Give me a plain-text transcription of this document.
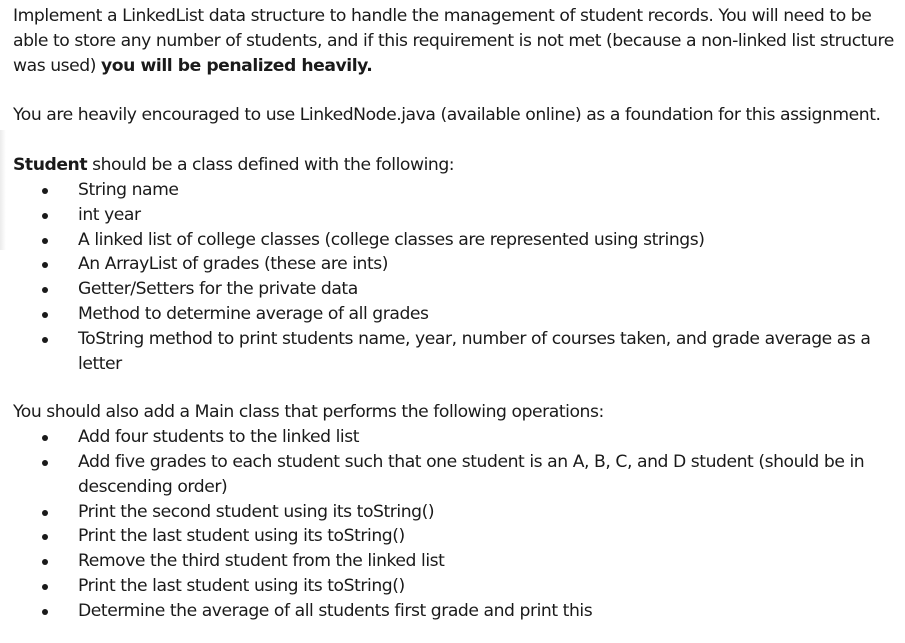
Implement a LinkedList data structure to handle the management of student records. You will need to be able to store any number of students, and if this requirement is not met (because a non-linked list structure was used) you will be penalized heavily.

You are heavily encouraged to use LinkedNode.java (available online) as a foundation for this assignment.

Student should be a class defined with the following:

String name
int year
A linked list of college classes (college classes are represented using strings)
An ArrayList of grades (these are ints)
Getter/Setters for the private data
Method to determine average of all grades
ToString method to print students name, year, number of courses taken, and grade average as a letter

You should also add a Main class that performs the following operations:

Add four students to the linked list
Add five grades to each student such that one student is an A, B, C, and D student (should be in descending order)
Print the second student using its toString()
Print the last student using its toString()
Remove the third student from the linked list
Print the last student using its toString()
Determine the average of all students first grade and print this
